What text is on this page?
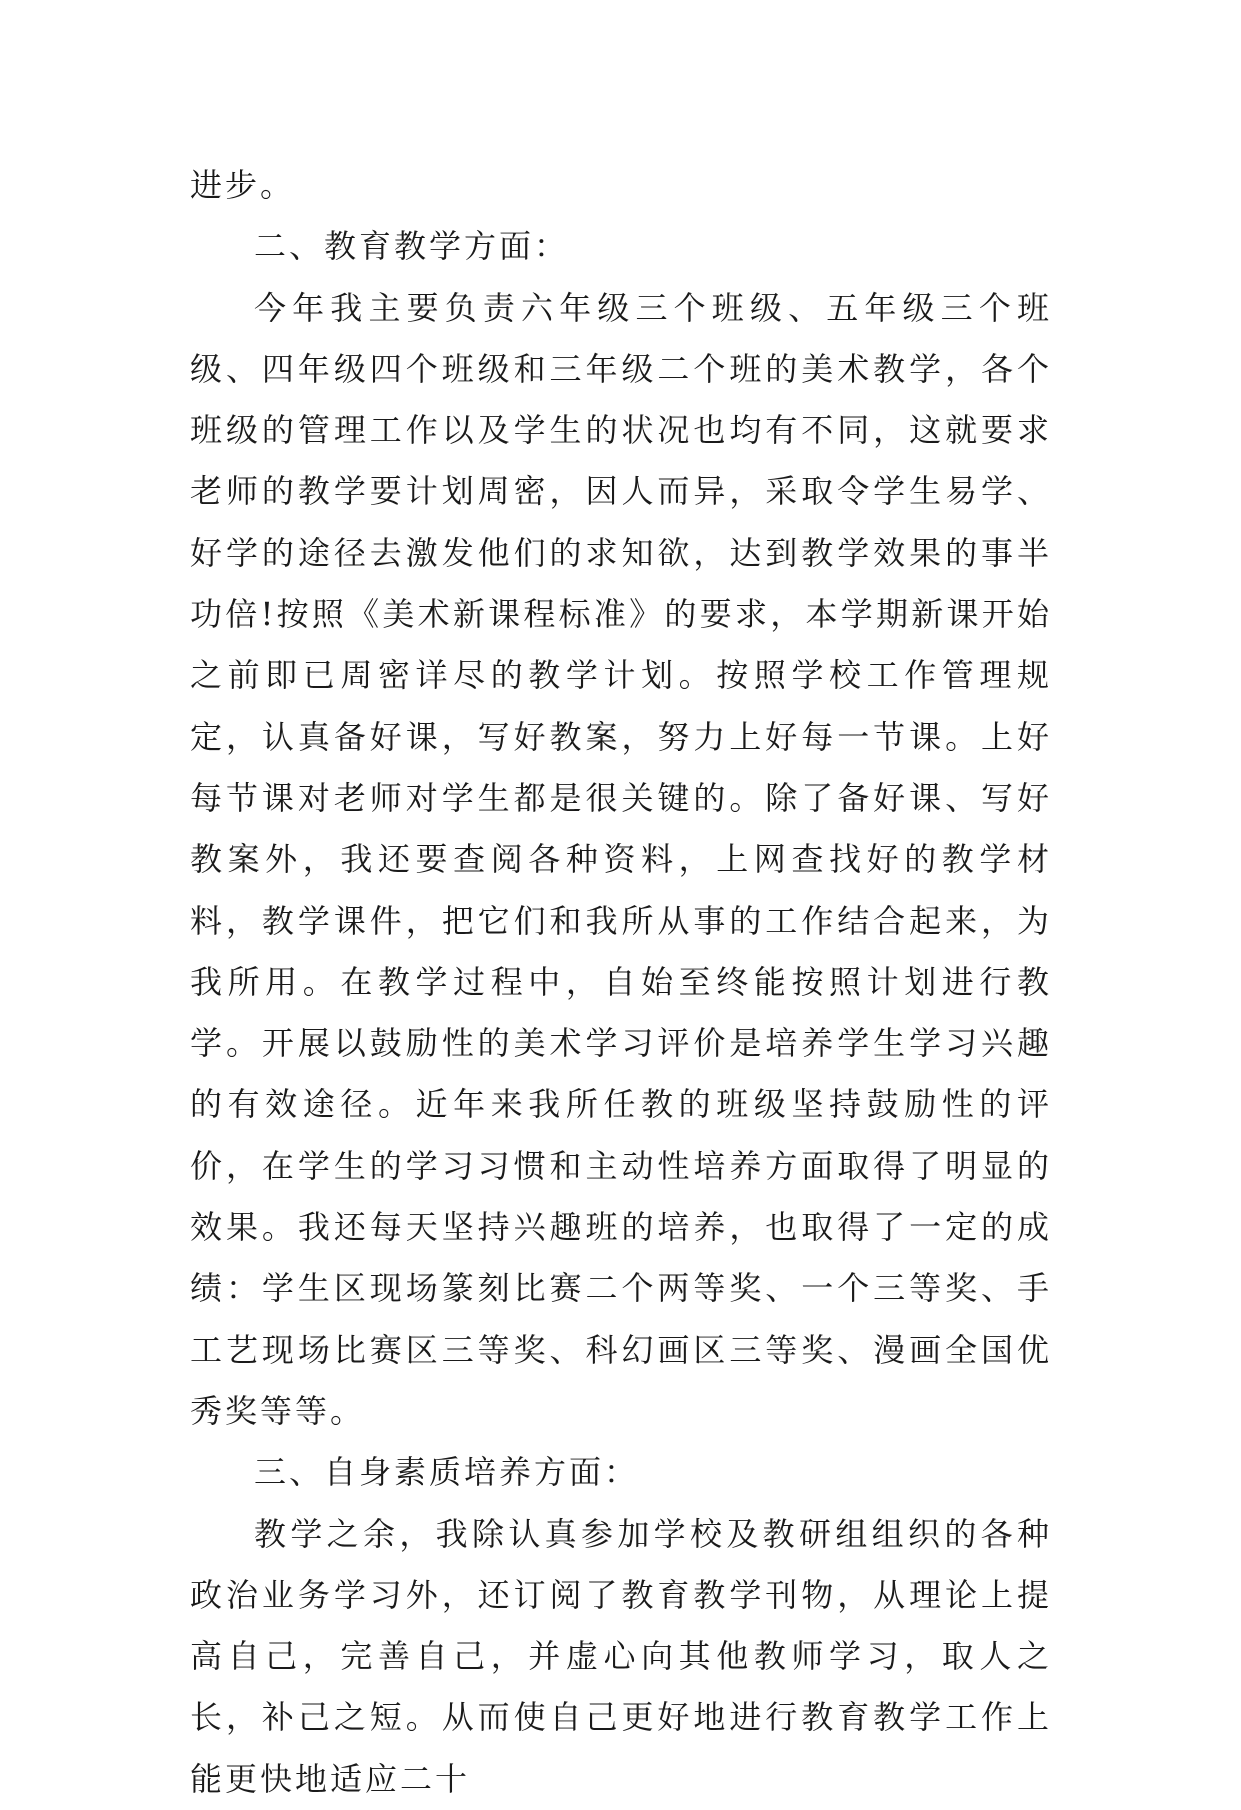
进步。

二、教育教学方面：

今年我主要负责六年级三个班级、五年级三个班级、四年级四个班级和三年级二个班的美术教学，各个班级的管理工作以及学生的状况也均有不同，这就要求老师的教学要计划周密，因人而异，采取令学生易学、好学的途径去激发他们的求知欲，达到教学效果的事半功倍!按照《美术新课程标准》的要求，本学期新课开始之前即已周密详尽的教学计划。按照学校工作管理规定，认真备好课，写好教案，努力上好每一节课。上好每节课对老师对学生都是很关键的。除了备好课、写好教案外，我还要查阅各种资料，上网查找好的教学材料，教学课件，把它们和我所从事的工作结合起来，为我所用。在教学过程中，自始至终能按照计划进行教学。开展以鼓励性的美术学习评价是培养学生学习兴趣的有效途径。近年来我所任教的班级坚持鼓励性的评价，在学生的学习习惯和主动性培养方面取得了明显的效果。我还每天坚持兴趣班的培养，也取得了一定的成绩：学生区现场篆刻比赛二个两等奖、一个三等奖、手工艺现场比赛区三等奖、科幻画区三等奖、漫画全国优秀奖等等。

三、自身素质培养方面：

教学之余，我除认真参加学校及教研组组织的各种政治业务学习外，还订阅了教育教学刊物，从理论上提高自己，完善自己，并虚心向其他教师学习，取人之长，补己之短。从而使自己更好地进行教育教学工作上能更快地适应二十
